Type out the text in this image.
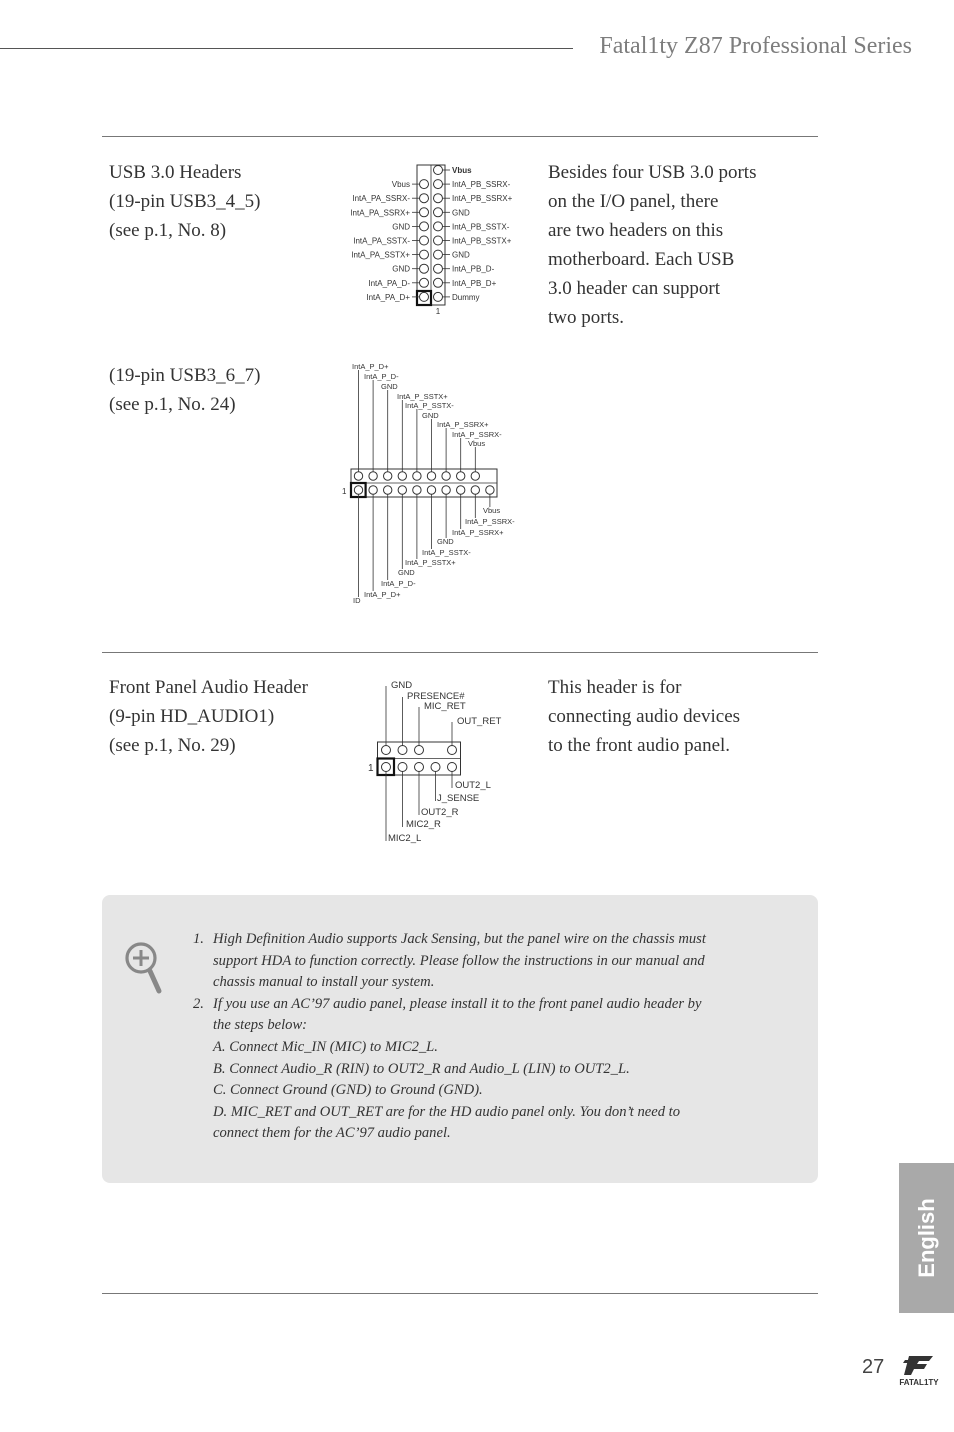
Fatal1ty Z87 Professional Series
USB 3.0 Headers
(19-pin USB3_4_5)
(see p.1, No. 8)
Vbus
IntA_PA_SSRX-
IntA_PA_SSRX+
GND
IntA_PA_SSTX-
IntA_PA_SSTX+
GND
IntA_PA_D-
IntA_PA_D+
Vbus
IntA_PB_SSRX-
IntA_PB_SSRX+
GND
IntA_PB_SSTX-
IntA_PB_SSTX+
GND
IntA_PB_D-
IntA_PB_D+
Dummy
1
Besides four USB 3.0 ports
on the I/O panel, there
are two headers on this
motherboard. Each USB
3.0 header can support
two ports.
(19-pin USB3_6_7)
(see p.1, No. 24)
1
IntA_P_D+
IntA_P_D-
GND
IntA_P_SSTX+
IntA_P_SSTX-
GND
IntA_P_SSRX+
IntA_P_SSRX-
Vbus
Vbus
IntA_P_SSRX-
IntA_P_SSRX+
GND
IntA_P_SSTX-
IntA_P_SSTX+
GND
IntA_P_D-
IntA_P_D+
ID
Front Panel Audio Header
(9-pin HD_AUDIO1)
(see p.1, No. 29)
1
GND
PRESENCE#
MIC_RET
OUT_RET
OUT2_L
J_SENSE
OUT2_R
MIC2_R
MIC2_L
This header is for
connecting audio devices
to the front audio panel.
1. High Definition Audio supports Jack Sensing, but the panel wire on the chassis must
support HDA to function correctly. Please follow the instructions in our manual and
chassis manual to install your system.
2. If you use an AC’97 audio panel, please install it to the front panel audio header by
the steps below:
A. Connect Mic_IN (MIC) to MIC2_L.
B. Connect Audio_R (RIN) to OUT2_R and Audio_L (LIN) to OUT2_L.
C. Connect Ground (GND) to Ground (GND).
D. MIC_RET and OUT_RET are for the HD audio panel only. You don’t need to
connect them for the AC’97 audio panel.
English
27
FATAL1TY
